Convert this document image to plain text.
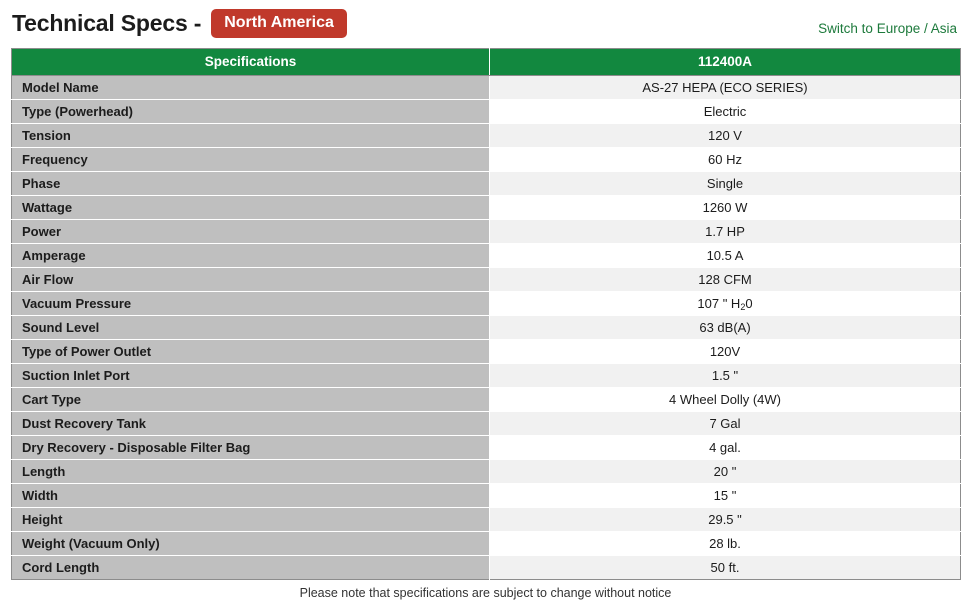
Technical Specs -	North America	Switch to Europe / Asia
Specifications	112400A
Model Name	AS-27 HEPA (ECO SERIES)
Type (Powerhead)	Electric
Tension	120 V
Frequency	60 Hz
Phase	Single
Wattage	1260 W
Power	1.7 HP
Amperage	10.5 A
Air Flow	128 CFM
Vacuum Pressure	107 " $H_20$
Sound Level	63 dB(A)
Type of Power Outlet	120V
Suction Inlet Port	1.5 "
Cart Type	4 Wheel Dolly (4W)
Dust Recovery Tank	7 Gal
Dry Recovery - Disposable Filter Bag	4 gal.
Length	20 "
Width	15 "
Height	29.5 "
Weight (Vacuum Only)	28 lb.
Cord Length	50 ft.
Please note that specifications are subject to change without notice
